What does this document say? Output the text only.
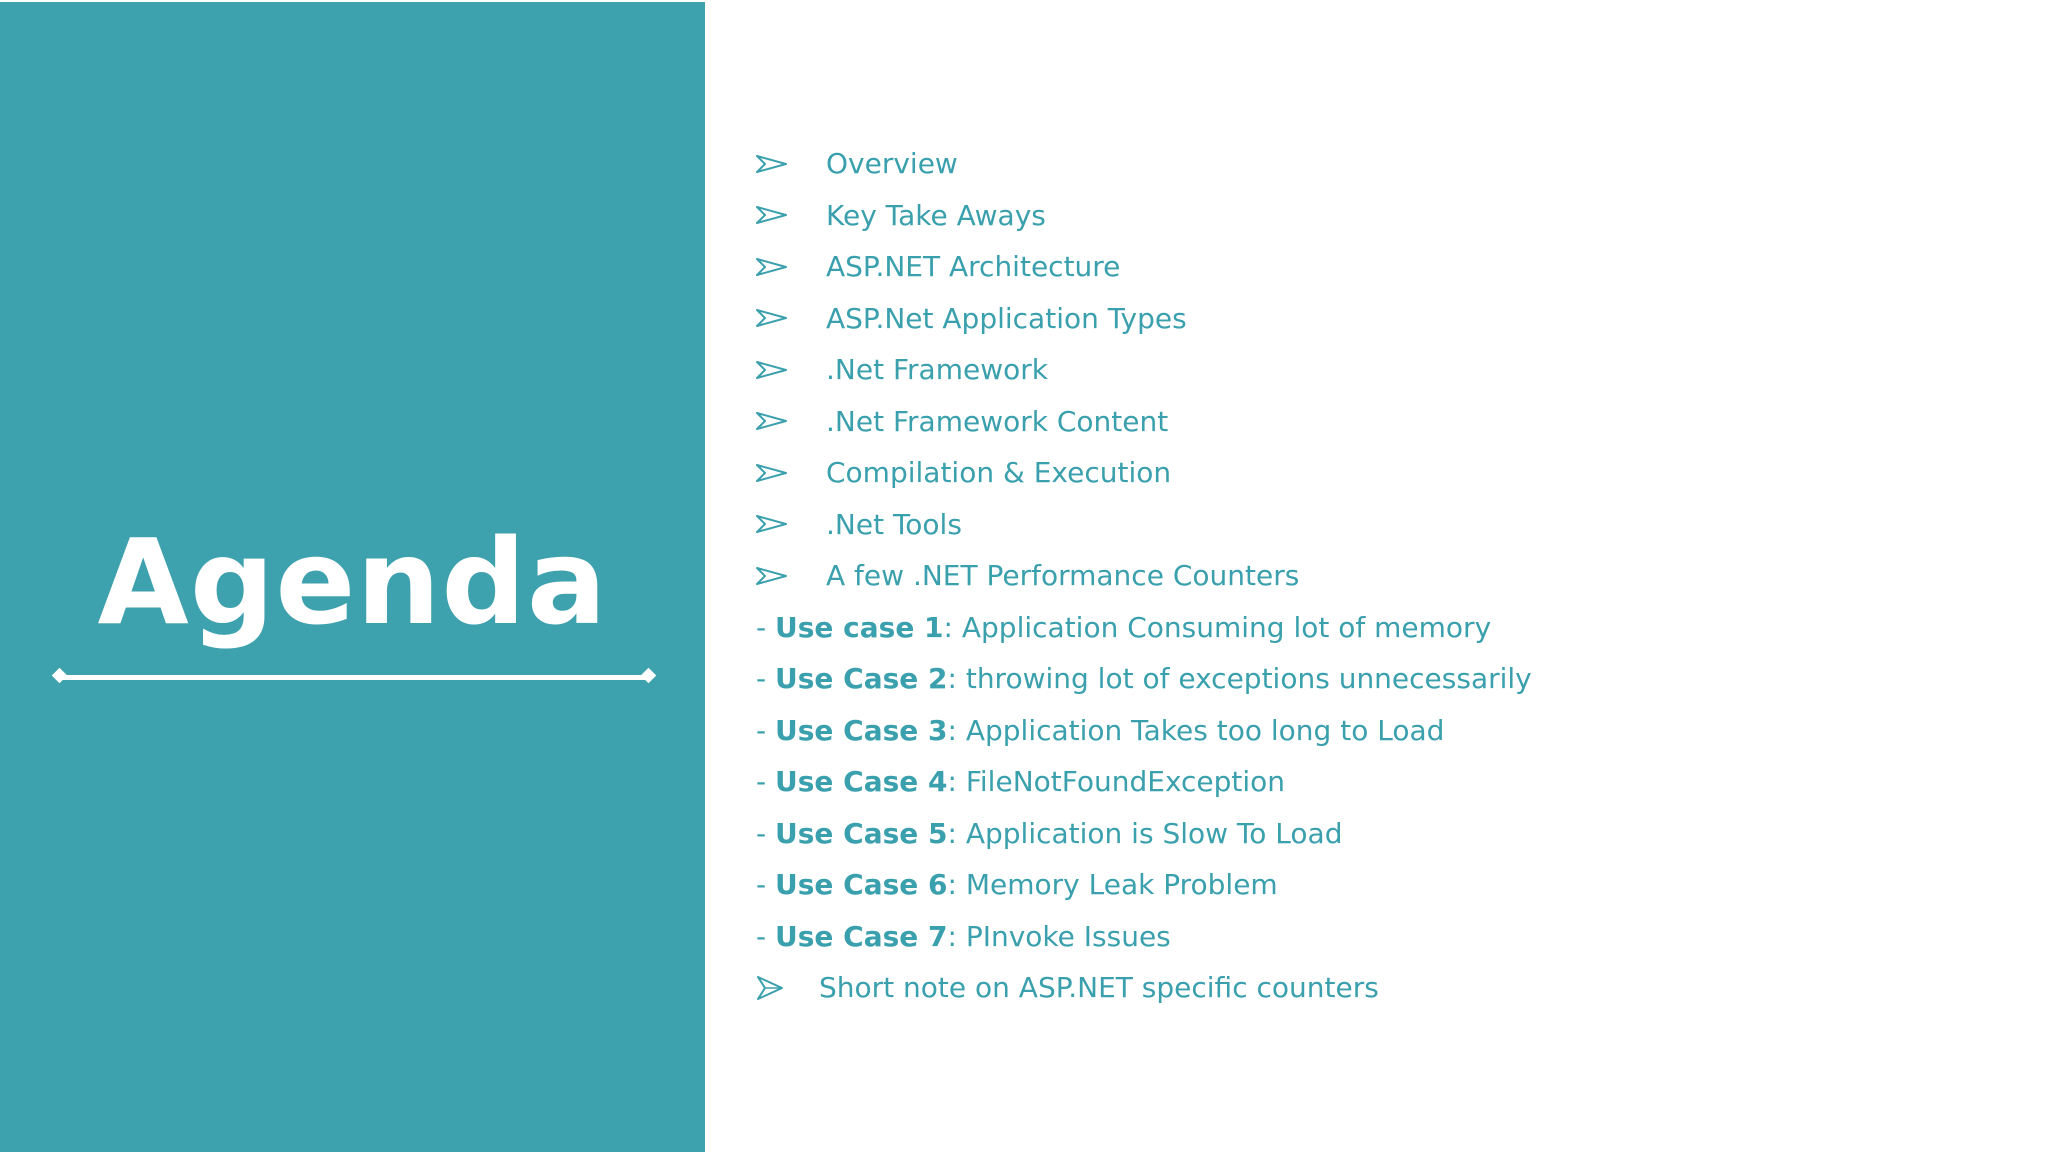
Agenda
Overview
Key Take Aways
ASP.NET Architecture
ASP.Net Application Types
.Net Framework
.Net Framework Content
Compilation & Execution
.Net Tools
A few .NET Performance Counters
- Use case 1: Application Consuming lot of memory
- Use Case 2: throwing lot of exceptions unnecessarily
- Use Case 3: Application Takes too long to Load
- Use Case 4: FileNotFoundException
- Use Case 5: Application is Slow To Load
- Use Case 6: Memory Leak Problem
- Use Case 7: PInvoke Issues
Short note on ASP.NET specific counters
